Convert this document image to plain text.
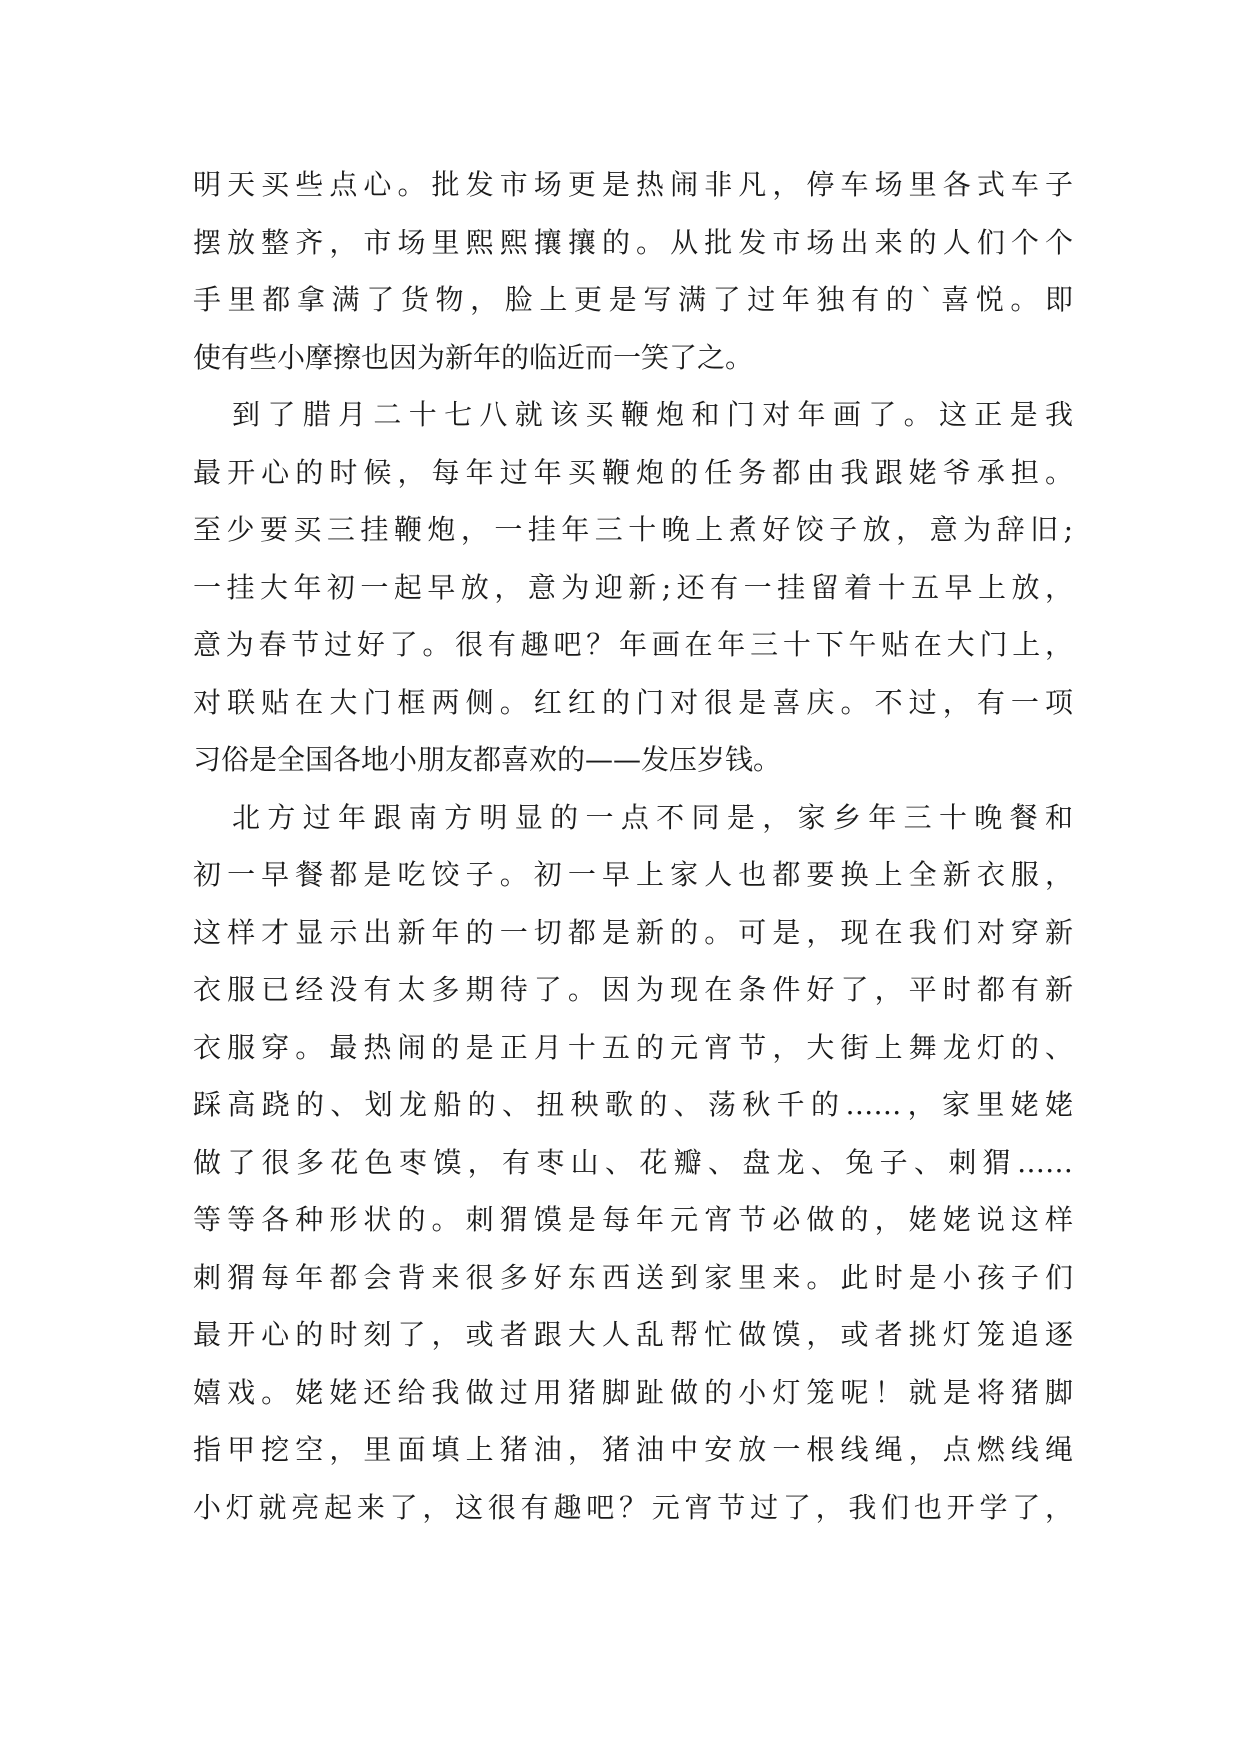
明天买些点心。批发市场更是热闹非凡，停车场里各式车子
摆放整齐，市场里熙熙攘攘的。从批发市场出来的人们个个
手里都拿满了货物，脸上更是写满了过年独有的`喜悦。即
使有些小摩擦也因为新年的临近而一笑了之。
到了腊月二十七八就该买鞭炮和门对年画了。这正是我
最开心的时候，每年过年买鞭炮的任务都由我跟姥爷承担。
至少要买三挂鞭炮，一挂年三十晚上煮好饺子放，意为辞旧;
一挂大年初一起早放，意为迎新;还有一挂留着十五早上放，
意为春节过好了。很有趣吧？年画在年三十下午贴在大门上，
对联贴在大门框两侧。红红的门对很是喜庆。不过，有一项
习俗是全国各地小朋友都喜欢的——发压岁钱。
北方过年跟南方明显的一点不同是，家乡年三十晚餐和
初一早餐都是吃饺子。初一早上家人也都要换上全新衣服，
这样才显示出新年的一切都是新的。可是，现在我们对穿新
衣服已经没有太多期待了。因为现在条件好了，平时都有新
衣服穿。最热闹的是正月十五的元宵节，大街上舞龙灯的、
踩高跷的、划龙船的、扭秧歌的、荡秋千的……，家里姥姥
做了很多花色枣馍，有枣山、花瓣、盘龙、兔子、刺猬……
等等各种形状的。刺猬馍是每年元宵节必做的，姥姥说这样
刺猬每年都会背来很多好东西送到家里来。此时是小孩子们
最开心的时刻了，或者跟大人乱帮忙做馍，或者挑灯笼追逐
嬉戏。姥姥还给我做过用猪脚趾做的小灯笼呢！就是将猪脚
指甲挖空，里面填上猪油，猪油中安放一根线绳，点燃线绳
小灯就亮起来了，这很有趣吧？元宵节过了，我们也开学了，
